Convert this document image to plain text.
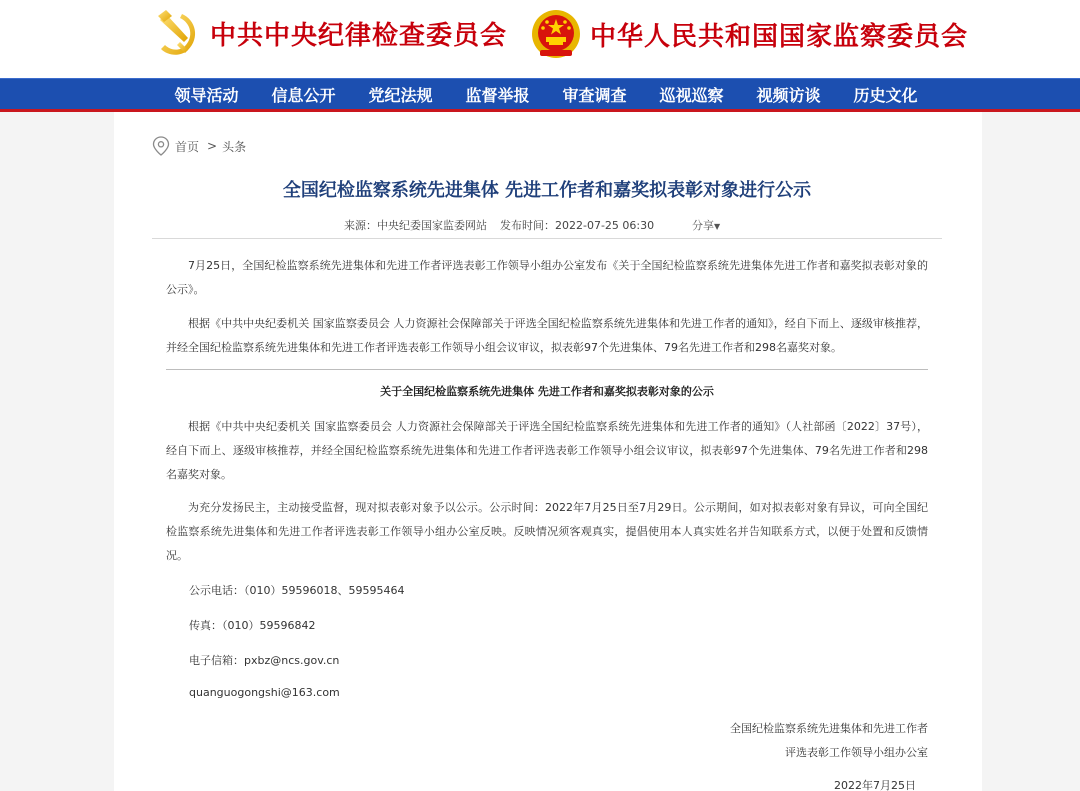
中共中央纪律检查委员会	中华人民共和国国家监察委员会
领导活动	信息公开	党纪法规	监督举报	审查调查	巡视巡察	视频访谈	历史文化
首页 > 头条
全国纪检监察系统先进集体 先进工作者和嘉奖拟表彰对象进行公示
来源：中央纪委国家监委网站 发布时间：2022-07-25 06:30	分享▼

7月25日，全国纪检监察系统先进集体和先进工作者评选表彰工作领导小组办公室发布《关于全国纪检监察系统先进集体先进工作者和嘉奖拟表彰对象的公示》。

根据《中共中央纪委机关 国家监察委员会 人力资源社会保障部关于评选全国纪检监察系统先进集体和先进工作者的通知》，经自下而上、逐级审核推荐，并经全国纪检监察系统先进集体和先进工作者评选表彰工作领导小组会议审议，拟表彰97个先进集体、79名先进工作者和298名嘉奖对象。

关于全国纪检监察系统先进集体 先进工作者和嘉奖拟表彰对象的公示

根据《中共中央纪委机关 国家监察委员会 人力资源社会保障部关于评选全国纪检监察系统先进集体和先进工作者的通知》（人社部函〔2022〕37号），经自下而上、逐级审核推荐，并经全国纪检监察系统先进集体和先进工作者评选表彰工作领导小组会议审议，拟表彰97个先进集体、79名先进工作者和298名嘉奖对象。

为充分发扬民主，主动接受监督，现对拟表彰对象予以公示。公示时间：2022年7月25日至7月29日。公示期间，如对拟表彰对象有异议，可向全国纪检监察系统先进集体和先进工作者评选表彰工作领导小组办公室反映。反映情况须客观真实，提倡使用本人真实姓名并告知联系方式，以便于处置和反馈情况。

公示电话：（010）59596018、59595464
传真：（010）59596842
电子信箱：pxbz@ncs.gov.cn
quanguogongshi@163.com
全国纪检监察系统先进集体和先进工作者
评选表彰工作领导小组办公室
2022年7月25日
